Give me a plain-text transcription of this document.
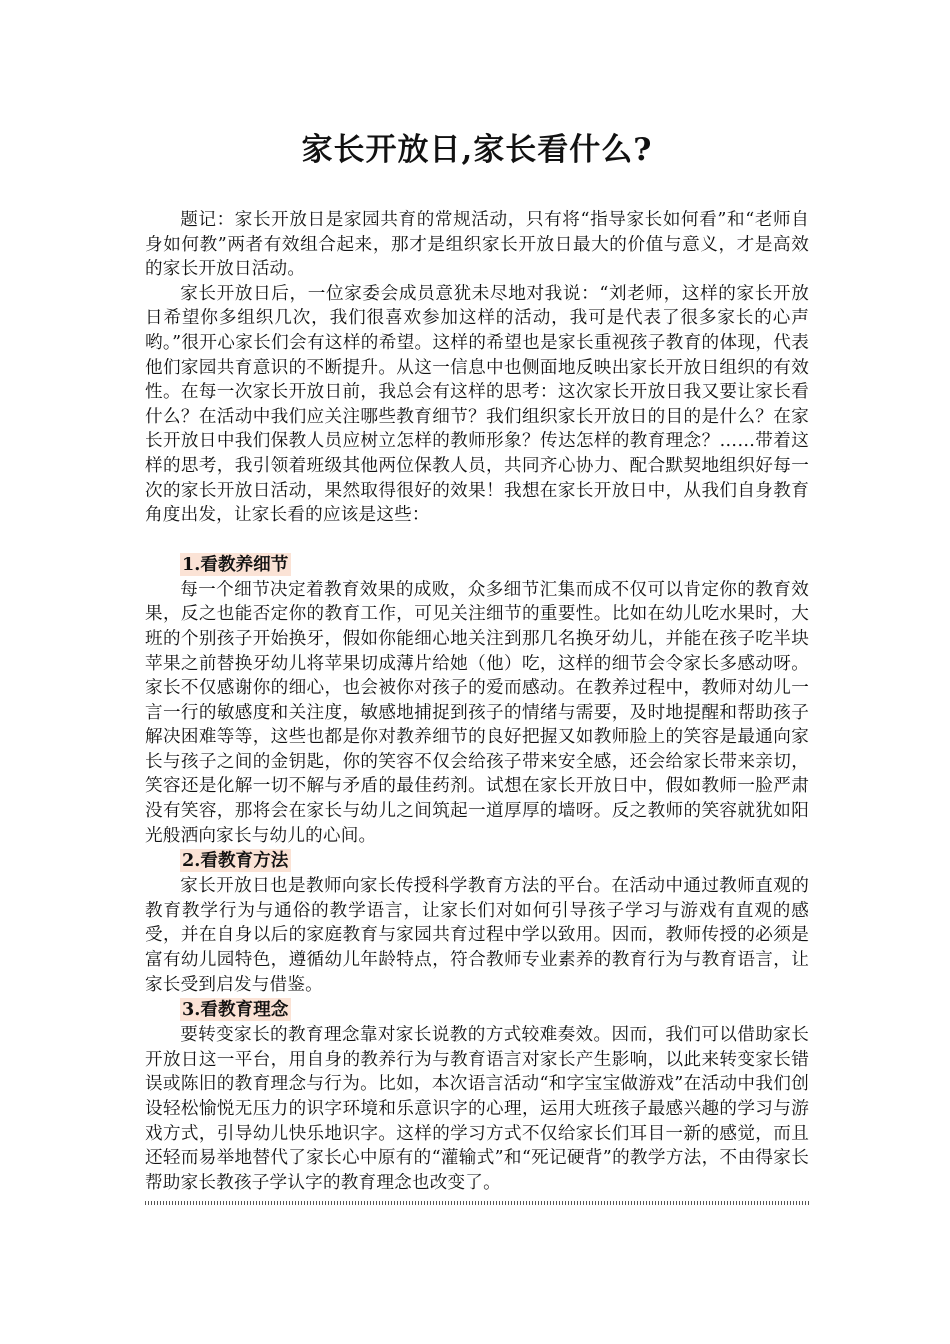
家长开放日,家长看什么?

题记：家长开放日是家园共育的常规活动，只有将“指导家长如何看”和“老师自身如何教”两者有效组合起来，那才是组织家长开放日最大的价值与意义，才是高效的家长开放日活动。

家长开放日后，一位家委会成员意犹未尽地对我说：“刘老师，这样的家长开放日希望你多组织几次，我们很喜欢参加这样的活动，我可是代表了很多家长的心声哟。”很开心家长们会有这样的希望。这样的希望也是家长重视孩子教育的体现，代表他们家园共育意识的不断提升。从这一信息中也侧面地反映出家长开放日组织的有效性。在每一次家长开放日前，我总会有这样的思考：这次家长开放日我又要让家长看什么？在活动中我们应关注哪些教育细节？我们组织家长开放日的目的是什么？在家长开放日中我们保教人员应树立怎样的教师形象？传达怎样的教育理念？……带着这样的思考，我引领着班级其他两位保教人员，共同齐心协力、配合默契地组织好每一次的家长开放日活动，果然取得很好的效果！我想在家长开放日中，从我们自身教育角度出发，让家长看的应该是这些：

1.看教养细节

每一个细节决定着教育效果的成败，众多细节汇集而成不仅可以肯定你的教育效果，反之也能否定你的教育工作，可见关注细节的重要性。比如在幼儿吃水果时，大班的个别孩子开始换牙，假如你能细心地关注到那几名换牙幼儿，并能在孩子吃半块苹果之前替换牙幼儿将苹果切成薄片给她（他）吃，这样的细节会令家长多感动呀。家长不仅感谢你的细心，也会被你对孩子的爱而感动。在教养过程中，教师对幼儿一言一行的敏感度和关注度，敏感地捕捉到孩子的情绪与需要，及时地提醒和帮助孩子解决困难等等，这些也都是你对教养细节的良好把握又如教师脸上的笑容是最通向家长与孩子之间的金钥匙，你的笑容不仅会给孩子带来安全感，还会给家长带来亲切，笑容还是化解一切不解与矛盾的最佳药剂。试想在家长开放日中，假如教师一脸严肃没有笑容，那将会在家长与幼儿之间筑起一道厚厚的墙呀。反之教师的笑容就犹如阳光般洒向家长与幼儿的心间。

2.看教育方法

家长开放日也是教师向家长传授科学教育方法的平台。在活动中通过教师直观的教育教学行为与通俗的教学语言，让家长们对如何引导孩子学习与游戏有直观的感受，并在自身以后的家庭教育与家园共育过程中学以致用。因而，教师传授的必须是富有幼儿园特色，遵循幼儿年龄特点，符合教师专业素养的教育行为与教育语言，让家长受到启发与借鉴。

3.看教育理念

要转变家长的教育理念靠对家长说教的方式较难奏效。因而，我们可以借助家长开放日这一平台，用自身的教养行为与教育语言对家长产生影响，以此来转变家长错误或陈旧的教育理念与行为。比如，本次语言活动“和字宝宝做游戏”在活动中我们创设轻松愉悦无压力的识字环境和乐意识字的心理，运用大班孩子最感兴趣的学习与游戏方式，引导幼儿快乐地识字。这样的学习方式不仅给家长们耳目一新的感觉，而且还轻而易举地替代了家长心中原有的“灌输式”和“死记硬背”的教学方法，不由得家长帮助家长教孩子学认字的教育理念也改变了。
